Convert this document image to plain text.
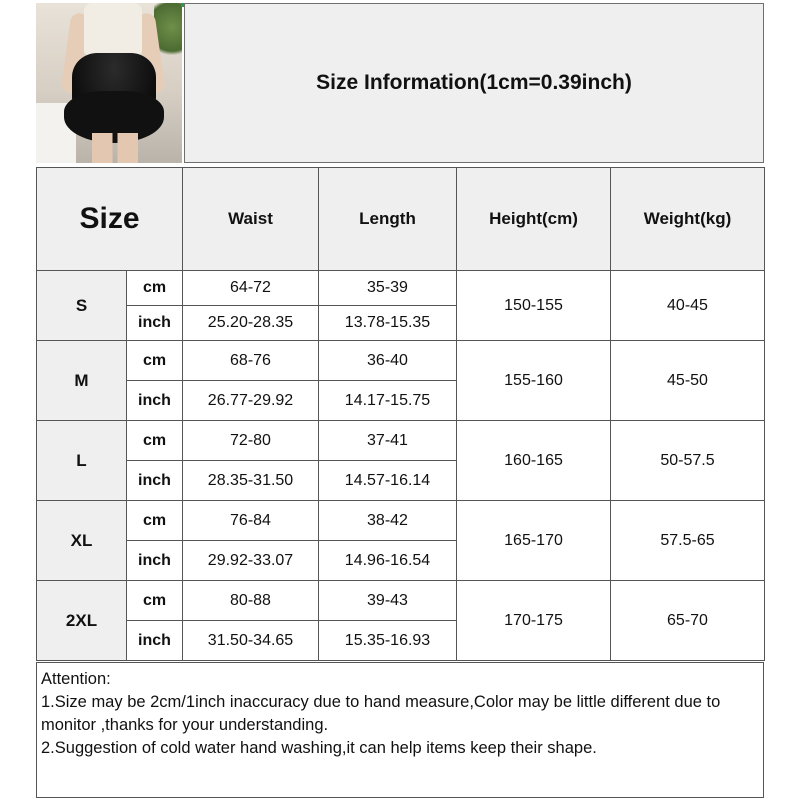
Size Information(1cm=0.39inch)
Size		Waist	Length	Height(cm)	Weight(kg)
S	cm	64-72	35-39	150-155	40-45
	inch	25.20-28.35	13.78-15.35		
M	cm	68-76	36-40	155-160	45-50
	inch	26.77-29.92	14.17-15.75		
L	cm	72-80	37-41	160-165	50-57.5
	inch	28.35-31.50	14.57-16.14		
XL	cm	76-84	38-42	165-170	57.5-65
	inch	29.92-33.07	14.96-16.54		
2XL	cm	80-88	39-43	170-175	65-70
	inch	31.50-34.65	15.35-16.93		
Attention:
1.Size may be 2cm/1inch inaccuracy due to hand measure,Color may be little different due to monitor ,thanks for your understanding.
2.Suggestion of cold water hand washing,it can help items keep their shape.
